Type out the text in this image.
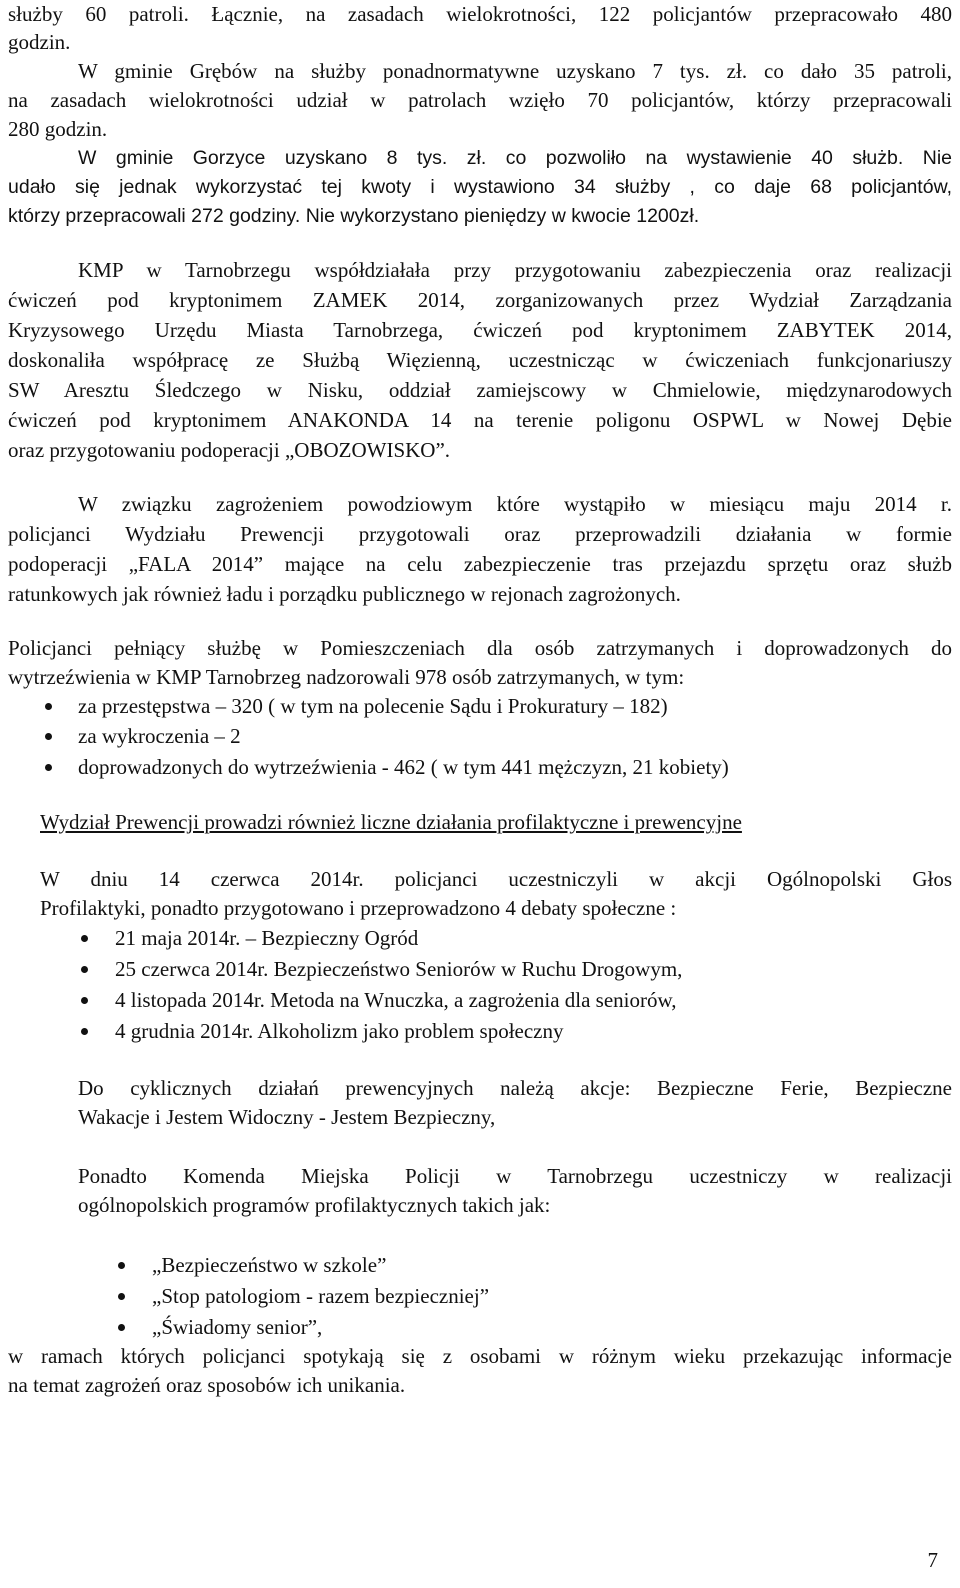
służby 60 patroli. Łącznie, na zasadach wielokrotności, 122 policjantów przepracowało 480
godzin.
W gminie Grębów na służby ponadnormatywne uzyskano 7 tys. zł. co dało 35 patroli,
na zasadach wielokrotności udział w patrolach wzięło 70 policjantów, którzy przepracowali
280 godzin.
W gminie Gorzyce uzyskano 8 tys. zł. co pozwoliło na wystawienie 40 służb. Nie
udało się jednak wykorzystać tej kwoty i wystawiono 34 służby , co daje 68 policjantów,
którzy przepracowali 272 godziny. Nie wykorzystano pieniędzy w kwocie 1200zł.
KMP w Tarnobrzegu współdziałała przy przygotowaniu zabezpieczenia oraz realizacji
ćwiczeń pod kryptonimem ZAMEK 2014, zorganizowanych przez Wydział Zarządzania
Kryzysowego Urzędu Miasta Tarnobrzega, ćwiczeń pod kryptonimem ZABYTEK 2014,
doskonaliła współpracę ze Służbą Więzienną, uczestnicząc w ćwiczeniach funkcjonariuszy
SW Aresztu Śledczego w Nisku, oddział zamiejscowy w Chmielowie, międzynarodowych
ćwiczeń pod kryptonimem ANAKONDA 14 na terenie poligonu OSPWL w Nowej Dębie
oraz przygotowaniu podoperacji „OBOZOWISKO”.
W związku zagrożeniem powodziowym które wystąpiło w miesiącu maju 2014 r.
policjanci Wydziału Prewencji przygotowali oraz przeprowadzili działania w formie
podoperacji „FALA 2014” mające na celu zabezpieczenie tras przejazdu sprzętu oraz służb
ratunkowych jak również ładu i porządku publicznego w rejonach zagrożonych.
Policjanci pełniący służbę w Pomieszczeniach dla osób zatrzymanych i doprowadzonych do
wytrzeźwienia w KMP Tarnobrzeg nadzorowali 978 osób zatrzymanych, w tym:
za przestępstwa – 320 ( w tym na polecenie Sądu i Prokuratury – 182)
za wykroczenia – 2
doprowadzonych do wytrzeźwienia - 462 ( w tym 441 mężczyzn, 21 kobiety)
Wydział Prewencji prowadzi również liczne działania profilaktyczne i prewencyjne
W dniu 14 czerwca 2014r. policjanci uczestniczyli w akcji Ogólnopolski Głos
Profilaktyki, ponadto przygotowano i przeprowadzono 4 debaty społeczne :
21 maja 2014r. – Bezpieczny Ogród
25 czerwca 2014r. Bezpieczeństwo Seniorów w Ruchu Drogowym,
4 listopada 2014r. Metoda na Wnuczka, a zagrożenia dla seniorów,
4 grudnia 2014r. Alkoholizm jako problem społeczny
Do cyklicznych działań prewencyjnych należą akcje: Bezpieczne Ferie, Bezpieczne
Wakacje i Jestem Widoczny - Jestem Bezpieczny,
Ponadto Komenda Miejska Policji w Tarnobrzegu uczestniczy w realizacji
ogólnopolskich programów profilaktycznych takich jak:
„Bezpieczeństwo w szkole”
„Stop patologiom - razem bezpieczniej”
„Świadomy senior”,
w ramach których policjanci spotykają się z osobami w różnym wieku przekazując informacje
na temat zagrożeń oraz sposobów ich unikania.
7
